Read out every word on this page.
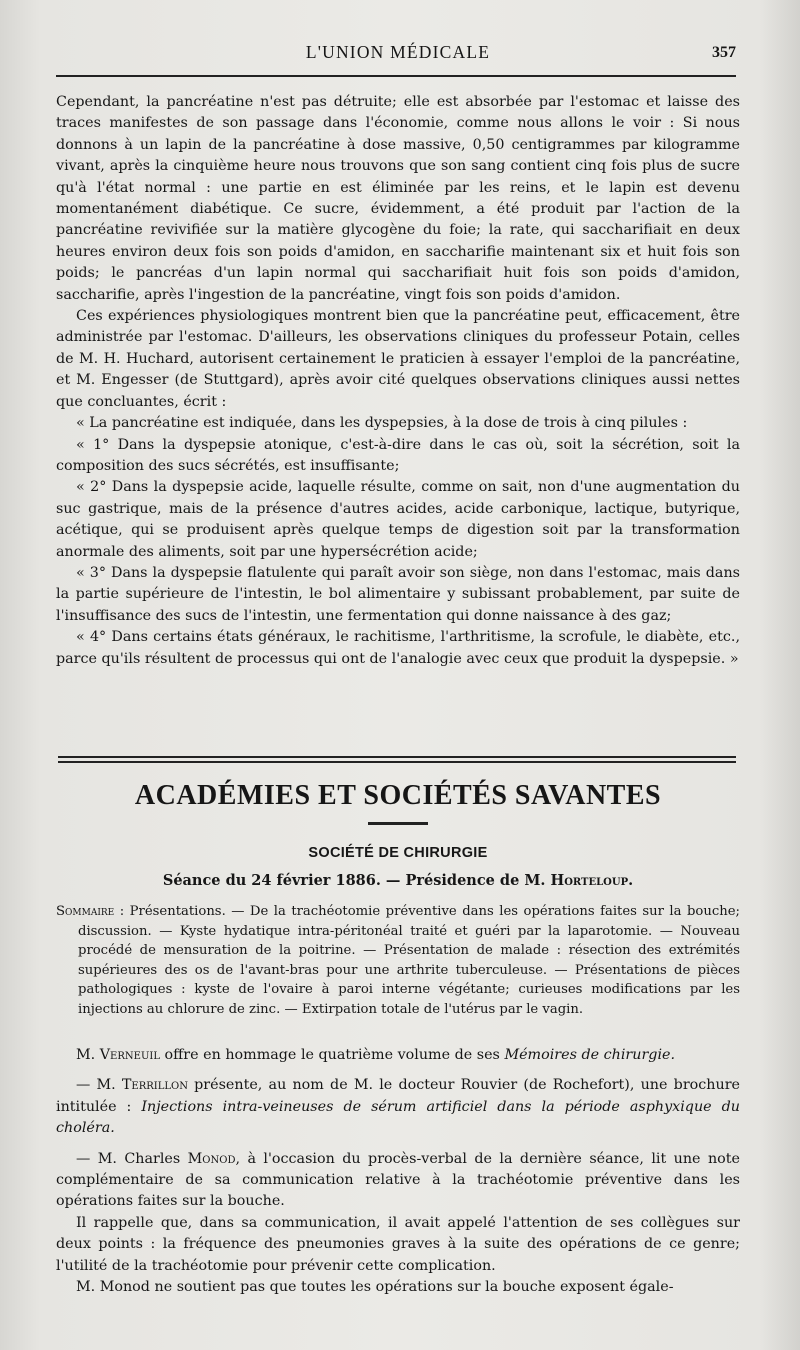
L'UNION MÉDICALE	357

Cependant, la pancréatine n'est pas détruite; elle est absorbée par l'estomac et laisse des traces manifestes de son passage dans l'économie, comme nous allons le voir : Si nous donnons à un lapin de la pancréatine à dose massive, 0,50 centigrammes par kilogramme vivant, après la cinquième heure nous trouvons que son sang contient cinq fois plus de sucre qu'à l'état normal : une partie en est éliminée par les reins, et le lapin est devenu momentanément diabétique. Ce sucre, évidemment, a été produit par l'action de la pancréatine revivifiée sur la matière glycogène du foie; la rate, qui saccharifiait en deux heures environ deux fois son poids d'amidon, en saccharifie maintenant six et huit fois son poids; le pancréas d'un lapin normal qui saccharifiait huit fois son poids d'amidon, saccharifie, après l'ingestion de la pancréatine, vingt fois son poids d'amidon.

Ces expériences physiologiques montrent bien que la pancréatine peut, efficacement, être administrée par l'estomac. D'ailleurs, les observations cliniques du professeur Potain, celles de M. H. Huchard, autorisent certainement le praticien à essayer l'emploi de la pancréatine, et M. Engesser (de Stuttgard), après avoir cité quelques observations cliniques aussi nettes que concluantes, écrit :

« La pancréatine est indiquée, dans les dyspepsies, à la dose de trois à cinq pilules :

« 1° Dans la dyspepsie atonique, c'est-à-dire dans le cas où, soit la sécrétion, soit la composition des sucs sécrétés, est insuffisante;

« 2° Dans la dyspepsie acide, laquelle résulte, comme on sait, non d'une augmentation du suc gastrique, mais de la présence d'autres acides, acide carbonique, lactique, butyrique, acétique, qui se produisent après quelque temps de digestion soit par la transformation anormale des aliments, soit par une hypersécrétion acide;

« 3° Dans la dyspepsie flatulente qui paraît avoir son siège, non dans l'estomac, mais dans la partie supérieure de l'intestin, le bol alimentaire y subissant probablement, par suite de l'insuffisance des sucs de l'intestin, une fermentation qui donne naissance à des gaz;

« 4° Dans certains états généraux, le rachitisme, l'arthritisme, la scrofule, le diabète, etc., parce qu'ils résultent de processus qui ont de l'analogie avec ceux que produit la dyspepsie. »

ACADÉMIES ET SOCIÉTÉS SAVANTES
SOCIÉTÉ DE CHIRURGIE
Séance du 24 février 1886. — Présidence de M. Horteloup.

Sommaire : Présentations. — De la trachéotomie préventive dans les opérations faites sur la bouche; discussion. — Kyste hydatique intra-péritonéal traité et guéri par la laparotomie. — Nouveau procédé de mensuration de la poitrine. — Présentation de malade : résection des extrémités supérieures des os de l'avant-bras pour une arthrite tuberculeuse. — Présentations de pièces pathologiques : kyste de l'ovaire à paroi interne végétante; curieuses modifications par les injections au chlorure de zinc. — Extirpation totale de l'utérus par le vagin.

M. Verneuil offre en hommage le quatrième volume de ses Mémoires de chirurgie.

— M. Terrillon présente, au nom de M. le docteur Rouvier (de Rochefort), une brochure intitulée : Injections intra-veineuses de sérum artificiel dans la période asphyxique du choléra.

— M. Charles Monod, à l'occasion du procès-verbal de la dernière séance, lit une note complémentaire de sa communication relative à la trachéotomie préventive dans les opérations faites sur la bouche.

Il rappelle que, dans sa communication, il avait appelé l'attention de ses collègues sur deux points : la fréquence des pneumonies graves à la suite des opérations de ce genre; l'utilité de la trachéotomie pour prévenir cette complication.

M. Monod ne soutient pas que toutes les opérations sur la bouche exposent égale-
